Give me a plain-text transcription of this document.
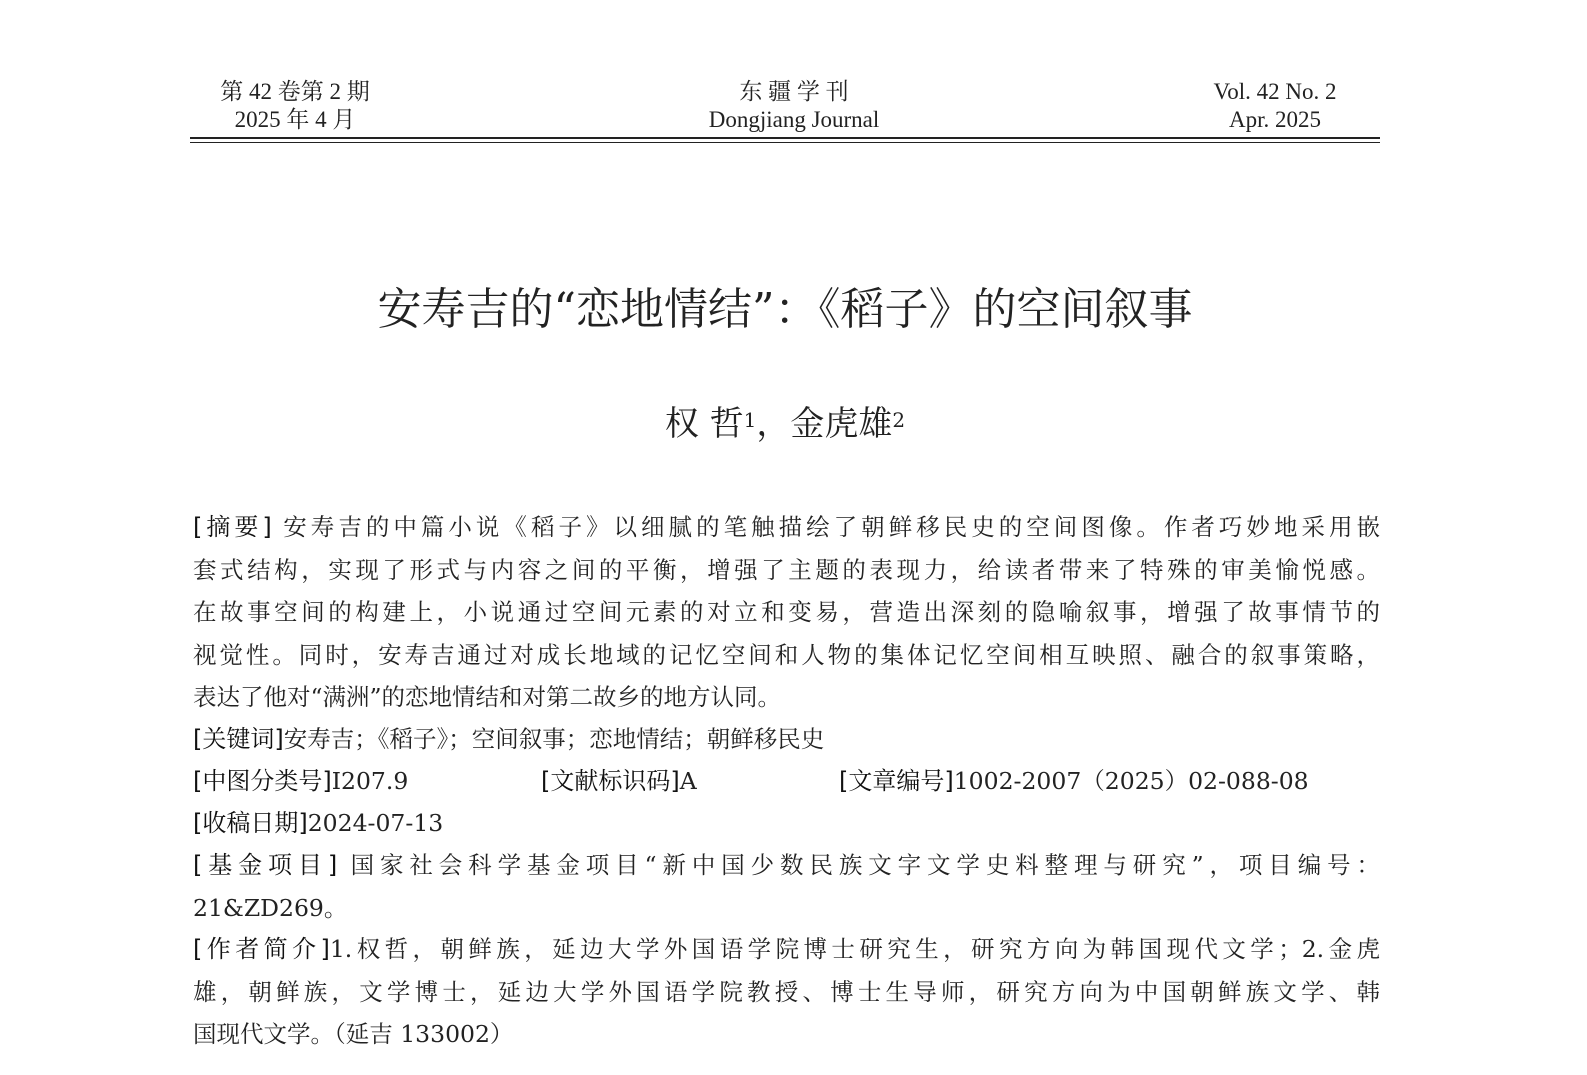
第 42 卷第 2 期
2025 年 4 月
东 疆 学 刊
Dongjiang Journal
Vol. 42 No. 2
Apr. 2025
安寿吉的“恋地情结”：《稻子》的空间叙事
权 哲$^1$，金虎雄$^2$
[摘要] 安寿吉的中篇小说《稻子》以细腻的笔触描绘了朝鲜移民史的空间图像。作者巧妙地采用嵌
套式结构，实现了形式与内容之间的平衡，增强了主题的表现力，给读者带来了特殊的审美愉悦感。
在故事空间的构建上，小说通过空间元素的对立和变易，营造出深刻的隐喻叙事，增强了故事情节的
视觉性。同时，安寿吉通过对成长地域的记忆空间和人物的集体记忆空间相互映照、融合的叙事策略，
表达了他对“满洲”的恋地情结和对第二故乡的地方认同。
[关键词]安寿吉；《稻子》；空间叙事；恋地情结；朝鲜移民史
[中图分类号]I207.9	[文献标识码]A	[文章编号]1002-2007（2025）02-088-08
[收稿日期]2024-07-13
[基金项目] 国家社会科学基金项目“新中国少数民族文字文学史料整理与研究”，项目编号：
21&ZD269。
[作者简介]1.权哲，朝鲜族，延边大学外国语学院博士研究生，研究方向为韩国现代文学；2.金虎
雄，朝鲜族，文学博士，延边大学外国语学院教授、博士生导师，研究方向为中国朝鲜族文学、韩
国现代文学。（延吉 133002）
